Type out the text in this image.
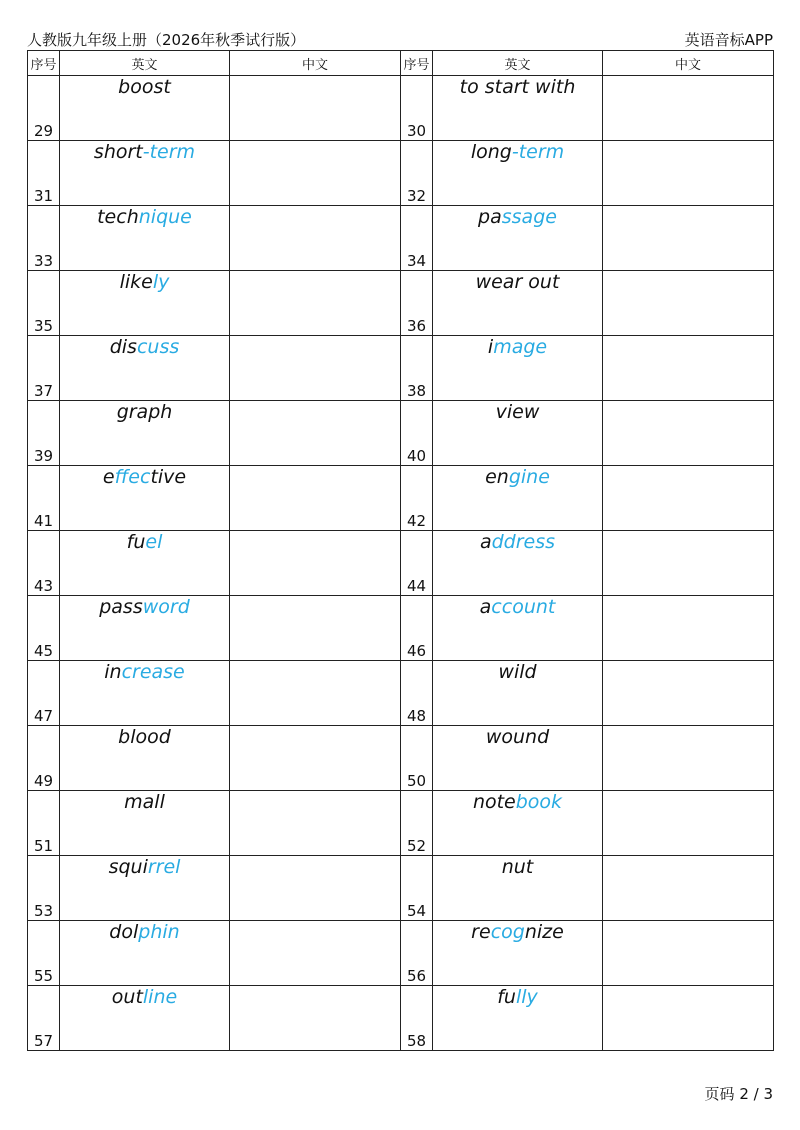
人教版九年级上册（2026年秋季试行版）	英语音标APP
序号	英文	中文	序号	英文	中文
29	boost		30	to start with	
31	short-term		32	long-term	
33	technique		34	passage	
35	likely		36	wear out	
37	discuss		38	image	
39	graph		40	view	
41	effective		42	engine	
43	fuel		44	address	
45	password		46	account	
47	increase		48	wild	
49	blood		50	wound	
51	mall		52	notebook	
53	squirrel		54	nut	
55	dolphin		56	recognize	
57	outline		58	fully	
页码 2 / 3
